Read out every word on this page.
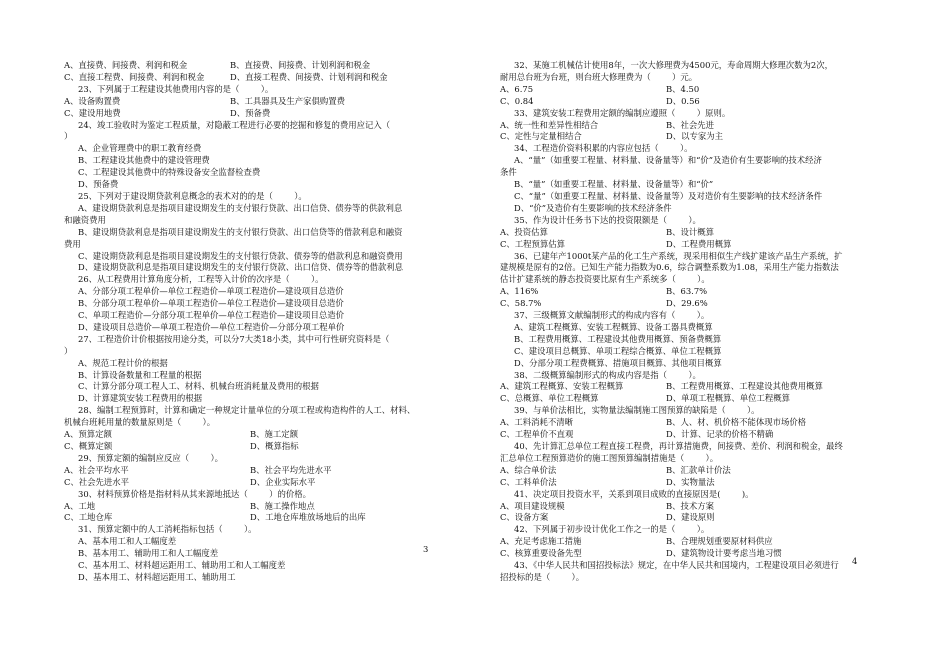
A、直接费、间接费、利润和税金	B、直接费、间接费、计划利润和税金
C、直接工程费、间接费、利润和税金	D、直接工程费、间接费、计划利润和税金
23、下列属于工程建设其他费用内容的是（        ）。
A、设备购置费	B、工具器具及生产家俱购置费
C、建设用地费	D、预备费
24、竣工验收时为鉴定工程质量，对隐蔽工程进行必要的挖掘和修复的费用应记入（
）
A、企业管理费中的职工教育经费
B、工程建设其他费中的建设管理费
C、工程建设其他费中的特殊设备安全监督检查费
D、预备费
25、下列对于建设期贷款利息概念的表术对的的是（        ）。
A、建设期贷款利息是指项目建设期发生的支付银行贷款、出口信贷、债券等的供款利息
和融资费用
B、建设期贷款利息是指项目建设期发生的支付银行贷款、出口信贷等的借款利息和融资
费用
C、建设期贷款利息是指项目建设期发生的支付银行贷款、债券等的借款利息和融资费用
D、建设期贷款利息是指项目建设期发生的支付银行贷款、出口信贷、债券等的借款利息
26、从工程费用计算角度分析，工程等入计价的次序是（        ）。
A、分部分项工程单价—单位工程造价—单项工程造价—建设项目总造价
B、分部分项工程单价—单项工程造价—单位工程造价—建设项目总造价
C、单项工程造价—分部分项工程单价—单位工程造价—建设项目总造价
D、建设项目总造价—单项工程造价—单位工程造价—分部分项工程单价
27、工程造价计价根据按用途分类，可以分7大类18小类，其中可行性研究资料是（
）
A、规范工程计价的根据
B、计算设备数量和工程量的根据
C、计算分部分项工程人工、材料、机械台班消耗量及费用的根据
D、计算建筑安装工程费用的根据
28、编制工程预算时，计算和确定一种规定计量单位的分项工程或构造构件的人工、材料、
机械台班耗用量的数量原则是（        ）。
A、预算定额	B、施工定额
C、概算定额	D、概算指标
29、预算定额的编制应反应（        ）。
A、社会平均水平	B、社会平均先进水平
C、社会先进水平	D、企业实际水平
30、材料预算价格是指材料从其来源地抵达（        ）的价格。
A、工地	B、施工操作地点
C、工地仓库	D、工地仓库堆放场地后的出库
31、预算定额中的人工消耗指标包括（        ）。
A、基本用工和人工幅度差
B、基本用工、辅助用工和人工幅度差
C、基本用工、材料超运距用工、辅助用工和人工幅度差
D、基本用工、材料超运距用工、辅助用工
32、某施工机械估计使用8年，一次大修理费为4500元，寿命周期大修理次数为2次，
耐用总台班为台班，则台班大修理费为（        ）元。
A、6.75	B、4.50
C、0.84	D、0.56
33、建筑安装工程费用定额的编制应遵照（        ）原则。
A、统一性和差异性相结合	B、社会先进
C、定性与定量相结合	D、以专家为主
34、工程造价资料积累的内容应包括（        ）。
A、“量”（如重要工程量、材料量、设备量等）和“价”及造价有生要影响的技术经济
条件
B、“量”（如重要工程量、材料量、设备量等）和“价”
C、“量”（如重要工程量、材料量、设备量等）及对造价有生要影响的技术经济条件
D、“价”及造价有生要影响的技术经济条件
35、作为设计任务书下达的投资限额是（        ）。
A、投资估算	B、设计概算
C、工程预算估算	D、工程费用概算
36、已建年产1000t某产品的化工生产系统，现采用相似生产线扩建该产品生产系统，扩
建规模是原有的2倍。已知生产能力指数为0.6，综合调整系数为1.08，采用生产能力指数法
估计扩建系统的静态投资要比原有生产系统多（        ）。
A、116%	B、63.7%
C、58.7%	D、29.6%
37、三级概算文献编制形式的构成内容有（        ）。
A、建筑工程概算、安装工程概算、设备工器具费概算
B、工程费用概算、工程建设其他费用概算、预备费概算
C、建设项目总概算、单项工程综合概算、单位工程概算
D、分部分项工程费概算、措施项目概算、其他项目概算
38、二级概算编制形式的构成内容是指（        ）。
A、建筑工程概算、安装工程概算	B、工程费用概算、工程建设其他费用概算
C、总概算、单位工程概算	D、单项工程概算、单位工程概算
39、与单价法相比，实物量法编制施工图预算的缺陷是（        ）。
A、工料消耗不清晰	B、人、材、机价格不能体现市场价格
C、工程单价不直观	D、计算、记录的价格不精确
40、先计算汇总单位工程直接工程费，再计算措施费，间接费、差价、利润和税金，最终
汇总单位工程预算造价的施工图预算编制措施是（        ）。
A、综合单价法	B、汇款单计价法
C、工料单价法	D、实物量法
41、决定项目投资水平，关系到项目成败的直接原因是(        )。
A、项目建设规模	B、技术方案
C、设备方案	D、建设原则
42、下列属于初步设计优化工作之一的是（        ）。
A、充足考虑施工措施	B、合理规划重要原材料供应
C、核算重要设备先型	D、建筑物设计要考虑当地习惯
43、《中华人民共和国招投标法》规定，在中华人民共和国境内，工程建设项目必须进行
招投标的是（        ）。
3
4
